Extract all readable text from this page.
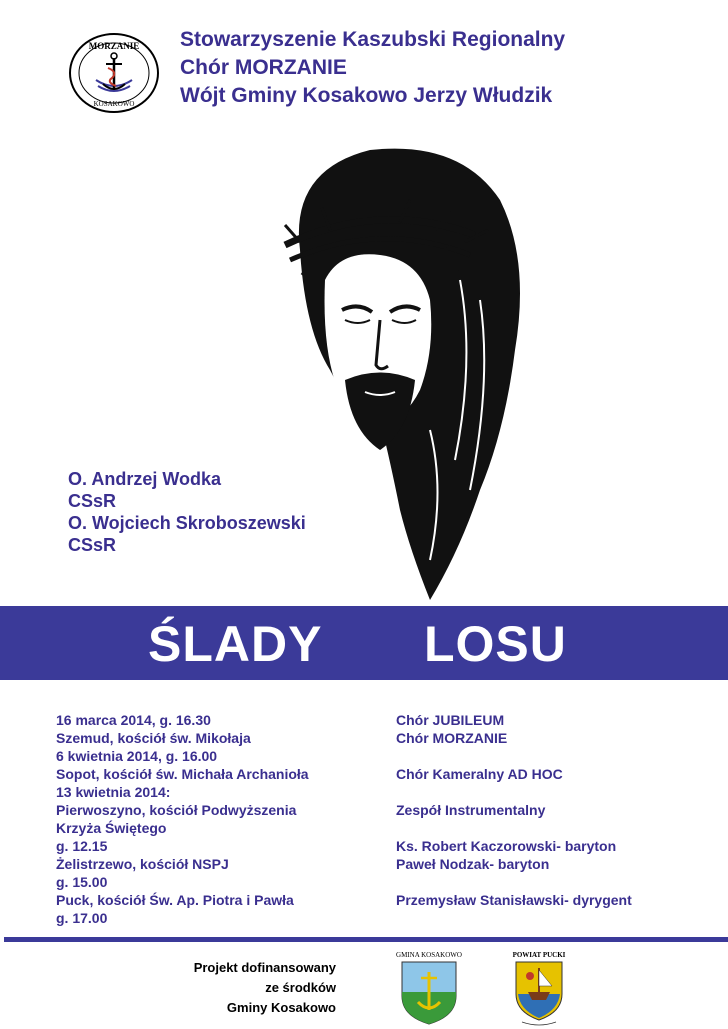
Stowarzyszenie Kaszubski Regionalny
Chór MORZANIE
Wójt Gminy Kosakowo Jerzy Włudzik
MORZANIE
KOSAKOWO
O. Andrzej Wodka
CSsR
O. Wojciech Skroboszewski
CSsR
ŚLADY LOSU
16 marca 2014, g. 16.30
Szemud, kościół św. Mikołaja
6 kwietnia 2014, g. 16.00
Sopot, kościół św. Michała Archanioła
13 kwietnia 2014:
Pierwoszyno, kościół Podwyższenia
Krzyża Świętego
g. 12.15
Żelistrzewo, kościół NSPJ
g. 15.00
Puck, kościół Św. Ap. Piotra i Pawła
g. 17.00
Chór JUBILEUM
Chór MORZANIE
Chór Kameralny AD HOC
Zespół Instrumentalny
Ks. Robert Kaczorowski- baryton
Paweł Nodzak- baryton
Przemysław Stanisławski- dyrygent
Projekt dofinansowany
ze środków
Gminy Kosakowo
GMINA KOSAKOWO	POWIAT PUCKI
